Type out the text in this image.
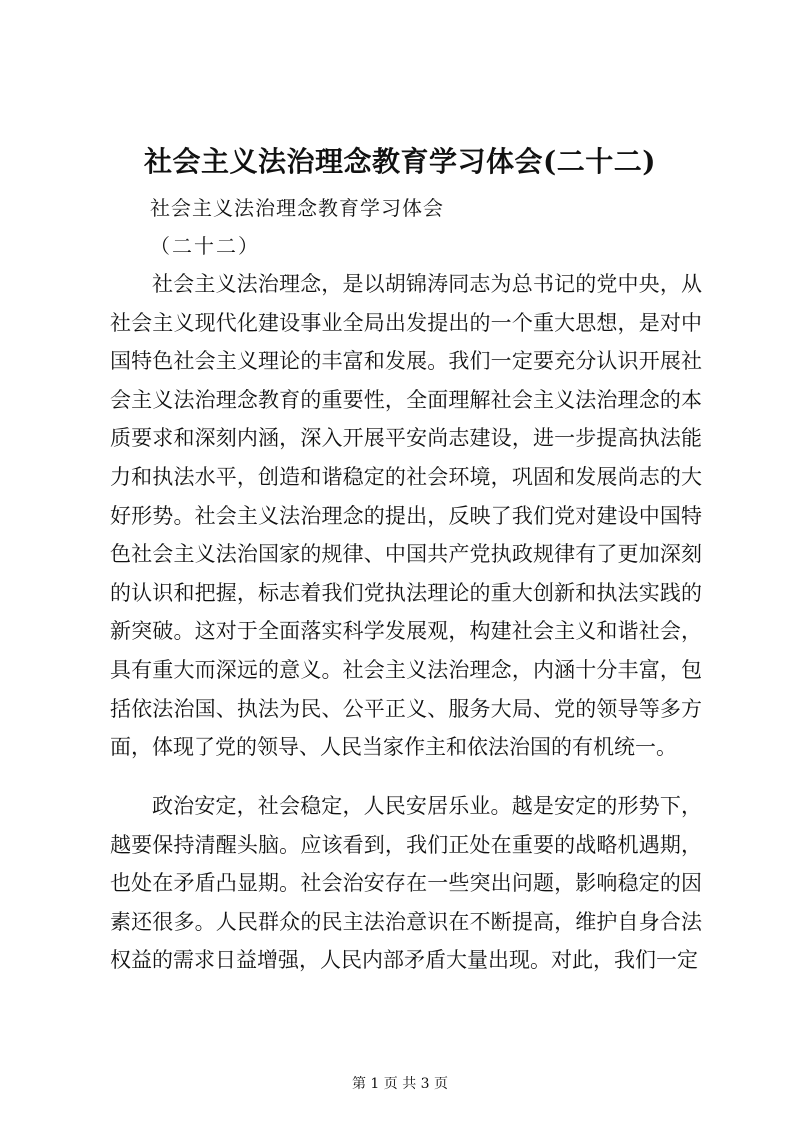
社会主义法治理念教育学习体会(二十二)
社会主义法治理念教育学习体会
（二十二）

社会主义法治理念，是以胡锦涛同志为总书记的党中央，从社会主义现代化建设事业全局出发提出的一个重大思想，是对中国特色社会主义理论的丰富和发展。我们一定要充分认识开展社会主义法治理念教育的重要性，全面理解社会主义法治理念的本质要求和深刻内涵，深入开展平安尚志建设，进一步提高执法能力和执法水平，创造和谐稳定的社会环境，巩固和发展尚志的大好形势。社会主义法治理念的提出，反映了我们党对建设中国特色社会主义法治国家的规律、中国共产党执政规律有了更加深刻的认识和把握，标志着我们党执法理论的重大创新和执法实践的新突破。这对于全面落实科学发展观，构建社会主义和谐社会，具有重大而深远的意义。社会主义法治理念，内涵十分丰富，包括依法治国、执法为民、公平正义、服务大局、党的领导等多方面，体现了党的领导、人民当家作主和依法治国的有机统一。

政治安定，社会稳定，人民安居乐业。越是安定的形势下，越要保持清醒头脑。应该看到，我们正处在重要的战略机遇期，也处在矛盾凸显期。社会治安存在一些突出问题，影响稳定的因素还很多。人民群众的民主法治意识在不断提高，维护自身合法权益的需求日益增强，人民内部矛盾大量出现。对此，我们一定

第 1 页 共 3 页
